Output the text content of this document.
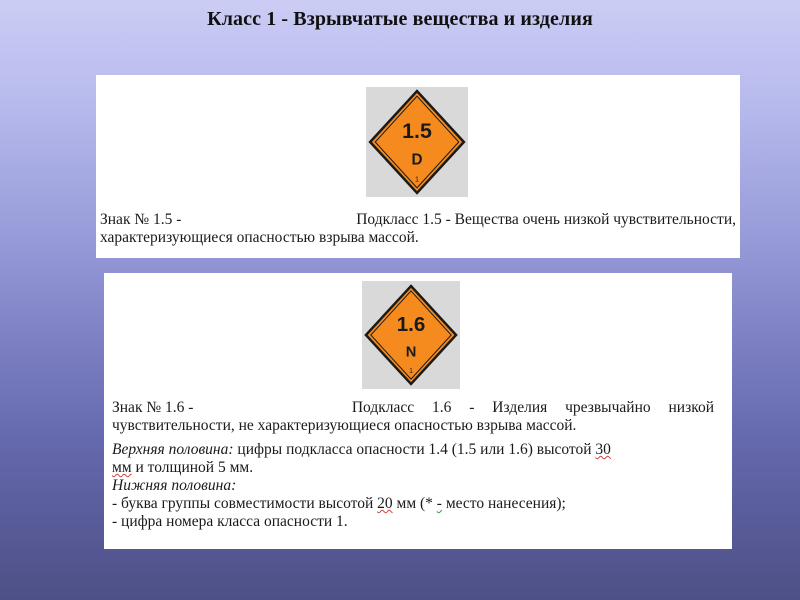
Класс 1 - Взрывчатые вещества и изделия
1.5
D
1
Знак № 1.5 -	Подкласс 1.5 - Вещества очень низкой чувствительности,
характеризующиеся опасностью взрыва массой.
1.6
N
1
Знак № 1.6 -	Подкласс 1.6 - Изделия чрезвычайно низкой
чувствительности, не характеризующиеся опасностью взрыва массой.
Верхняя половина: цифры подкласса опасности 1.4 (1.5 или 1.6) высотой 30
мм и толщиной 5 мм.
Нижняя половина:
- буква группы совместимости высотой 20 мм (* - место нанесения);
- цифра номера класса опасности 1.
